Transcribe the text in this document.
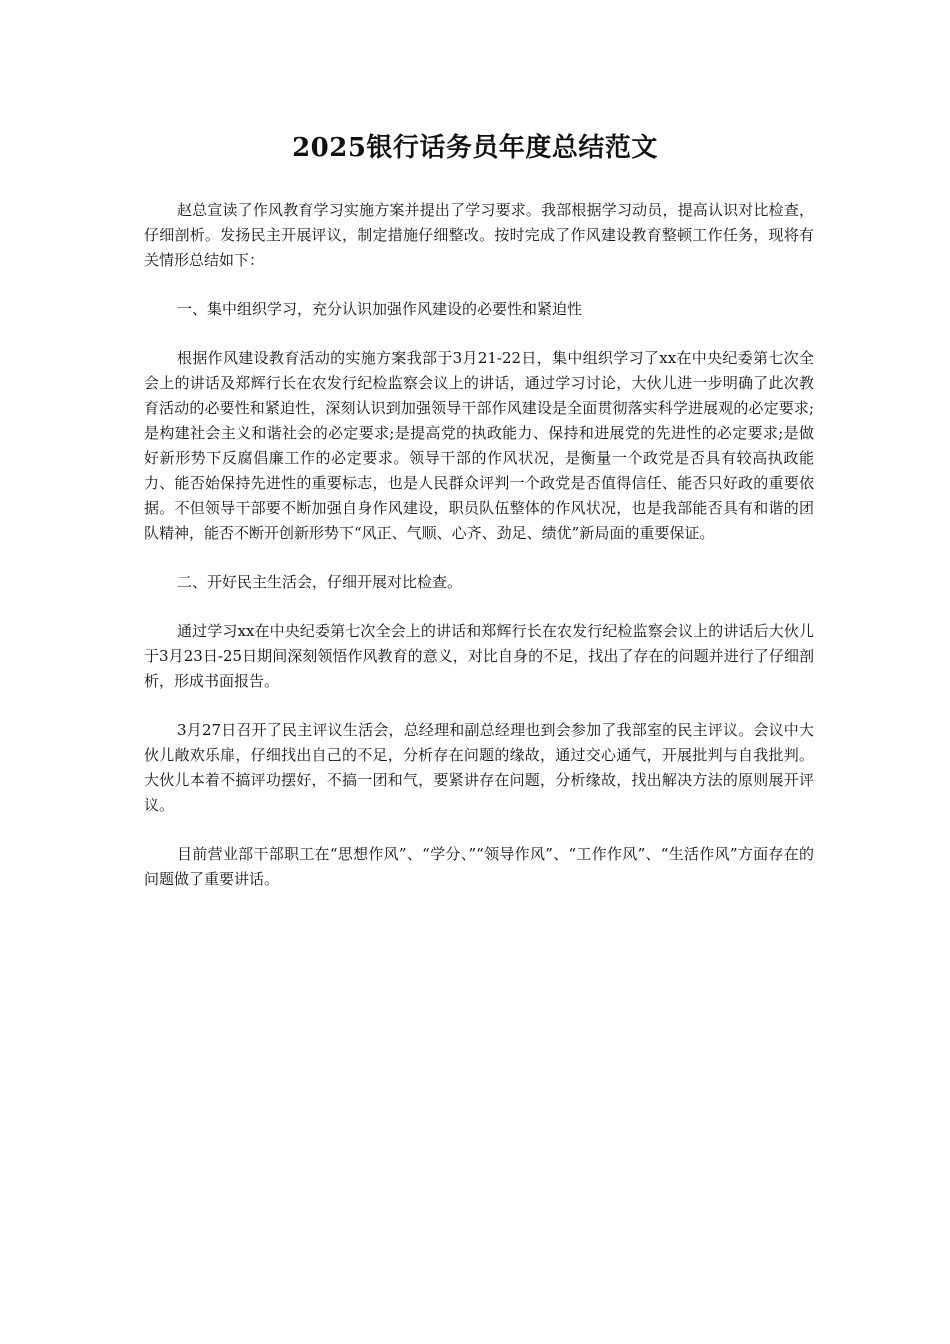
2025银行话务员年度总结范文

赵总宣读了作风教育学习实施方案并提出了学习要求。我部根据学习动员，提高认识对比检查，仔细剖析。发扬民主开展评议，制定措施仔细整改。按时完成了作风建设教育整顿工作任务，现将有关情形总结如下：

一、集中组织学习，充分认识加强作风建设的必要性和紧迫性

根据作风建设教育活动的实施方案我部于3月21-22日，集中组织学习了xx在中央纪委第七次全会上的讲话及郑辉行长在农发行纪检监察会议上的讲话，通过学习讨论，大伙儿进一步明确了此次教育活动的必要性和紧迫性，深刻认识到加强领导干部作风建设是全面贯彻落实科学进展观的必定要求;是构建社会主义和谐社会的必定要求;是提高党的执政能力、保持和进展党的先进性的必定要求;是做好新形势下反腐倡廉工作的必定要求。领导干部的作风状况，是衡量一个政党是否具有较高执政能力、能否始保持先进性的重要标志，也是人民群众评判一个政党是否值得信任、能否只好政的重要依据。不但领导干部要不断加强自身作风建设，职员队伍整体的作风状况，也是我部能否具有和谐的团队精神，能否不断开创新形势下“风正、气顺、心齐、劲足、绩优”新局面的重要保证。

二、开好民主生活会，仔细开展对比检查。

通过学习xx在中央纪委第七次全会上的讲话和郑辉行长在农发行纪检监察会议上的讲话后大伙儿于3月23日-25日期间深刻领悟作风教育的意义，对比自身的不足，找出了存在的问题并进行了仔细剖析，形成书面报告。

3月27日召开了民主评议生活会，总经理和副总经理也到会参加了我部室的民主评议。会议中大伙儿敞欢乐扉，仔细找出自己的不足，分析存在问题的缘故，通过交心通气，开展批判与自我批判。大伙儿本着不搞评功摆好，不搞一团和气，要紧讲存在问题，分析缘故，找出解决方法的原则展开评议。

目前营业部干部职工在“思想作风”、“学分、”“领导作风”、“工作作风”、“生活作风”方面存在的问题做了重要讲话。
